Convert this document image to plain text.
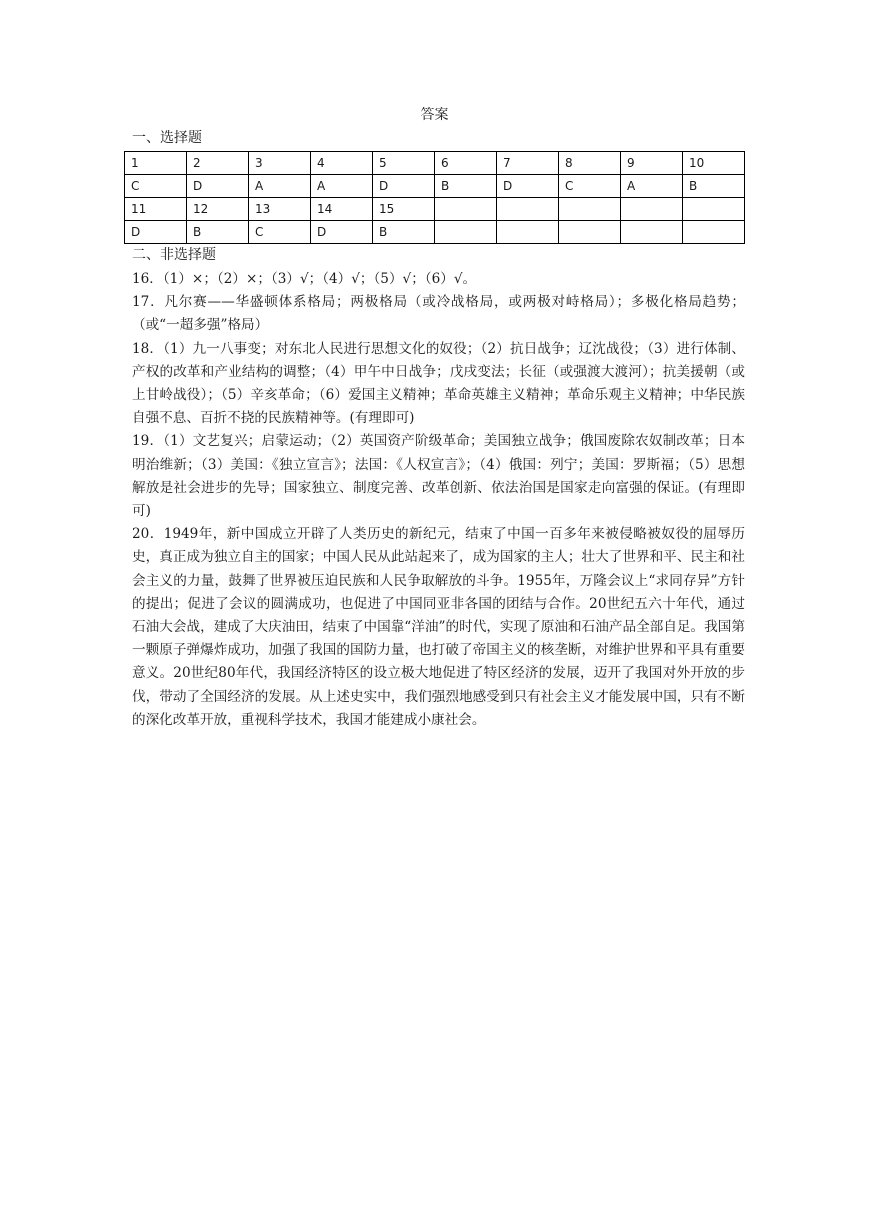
答案
一、选择题
1	2	3	4	5	6	7	8	9	10
C	D	A	A	D	B	D	C	A	B
11	12	13	14	15					
D	B	C	D	B					
二、非选择题

16．（1）×；（2）×；（3）√；（4）√；（5）√；（6）√。

17．凡尔赛——华盛顿体系格局；两极格局（或冷战格局，或两极对峙格局）；多极化格局趋势；（或“一超多强”格局）

18．（1）九一八事变；对东北人民进行思想文化的奴役；（2）抗日战争；辽沈战役；（3）进行体制、产权的改革和产业结构的调整；（4）甲午中日战争；戊戌变法；长征（或强渡大渡河）；抗美援朝（或上甘岭战役）；（5）辛亥革命；（6）爱国主义精神；革命英雄主义精神；革命乐观主义精神；中华民族自强不息、百折不挠的民族精神等。(有理即可)

19．（1）文艺复兴；启蒙运动；（2）英国资产阶级革命；美国独立战争；俄国废除农奴制改革；日本明治维新；（3）美国：《独立宣言》；法国：《人权宣言》；（4）俄国：列宁；美国：罗斯福；（5）思想解放是社会进步的先导；国家独立、制度完善、改革创新、依法治国是国家走向富强的保证。(有理即可)

20．1949年，新中国成立开辟了人类历史的新纪元，结束了中国一百多年来被侵略被奴役的屈辱历史，真正成为独立自主的国家；中国人民从此站起来了，成为国家的主人；壮大了世界和平、民主和社会主义的力量，鼓舞了世界被压迫民族和人民争取解放的斗争。1955年，万隆会议上“求同存异”方针的提出；促进了会议的圆满成功，也促进了中国同亚非各国的团结与合作。20世纪五六十年代，通过石油大会战，建成了大庆油田，结束了中国靠“洋油”的时代，实现了原油和石油产品全部自足。我国第一颗原子弹爆炸成功，加强了我国的国防力量，也打破了帝国主义的核垄断，对维护世界和平具有重要意义。20世纪80年代，我国经济特区的设立极大地促进了特区经济的发展，迈开了我国对外开放的步伐，带动了全国经济的发展。从上述史实中，我们强烈地感受到只有社会主义才能发展中国，只有不断的深化改革开放，重视科学技术，我国才能建成小康社会。
